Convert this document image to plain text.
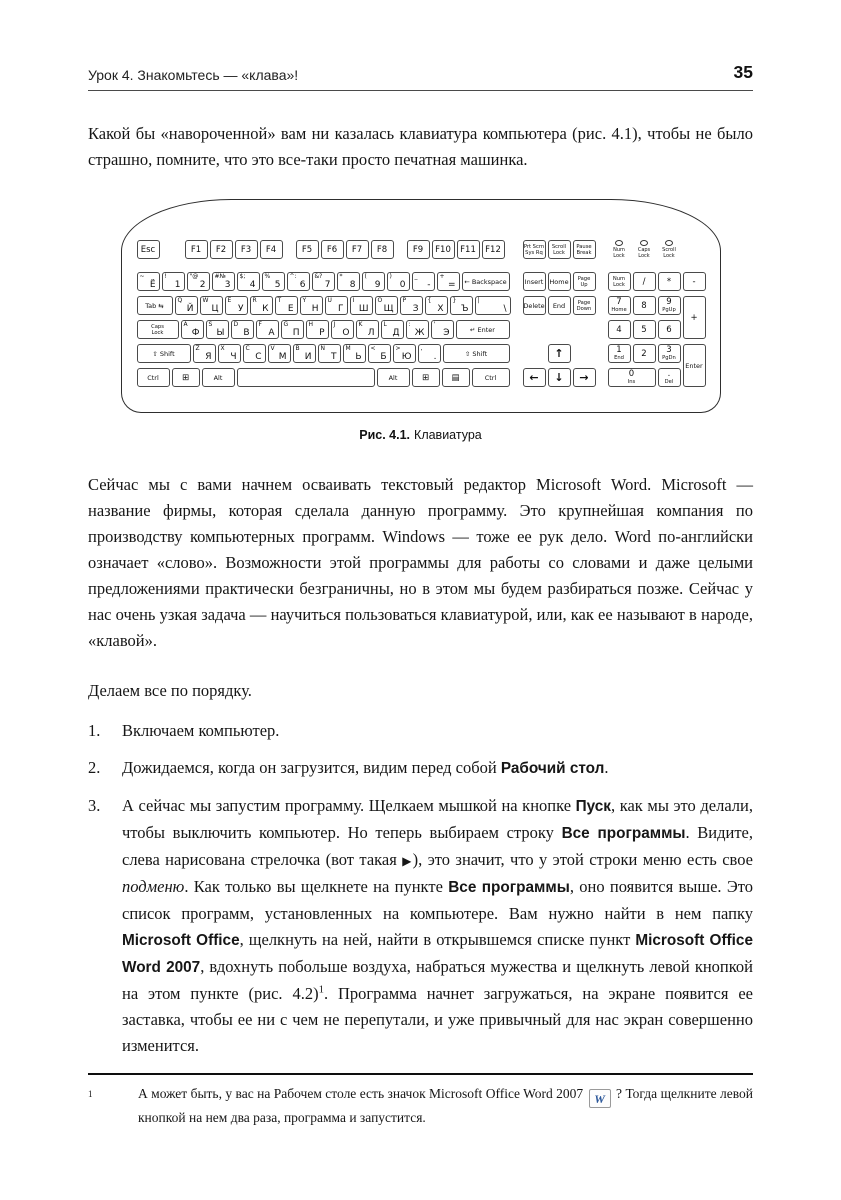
Урок 4. Знакомьтесь — «клава»!	35

Какой бы «навороченной» вам ни казалась клавиатура компьютера (рис. 4.1), чтобы не было страшно, помните, что это все-таки просто печатная машинка.

Esc	F1	F2	F3	F4	F5	F6	F7	F8	F9	F10	F11	F12
~
Ё
!
1
"@
2
#№
3
$;
4
%
5
^:
6
&?
7
*
8
(
9
)
0
_
-
+
=	← Backspace
Tab ⇆
Q
Й
W
Ц
E
У
R
К
T
Е
Y
Н
U
Г
I
Ш
O
Щ
P
З
{
Х
}
Ъ
|
\
Caps
Lock
A
Ф
S
Ы
D
В
F
А
G
П
H
Р
J
О
K
Л
L
Д
:
Ж
'
Э	↵ Enter
⇧ Shift
Z
Я
X
Ч
C
С
V
М
B
И
N
Т
M
Ь
<
Б
>
Ю
,
.	⇧ Shift
Ctrl	⊞	Alt	Alt	⊞	▤	Ctrl
Prt Scrn
Sys Rq
Scroll
Lock
Pause
Break
Insert Home	Page
Up
Delete	End	Page
Down
↑
←	↓	→
Num
Lock
Caps
Lock
Scroll
Lock
Num
Lock	/	*	-
7
Home	8	9
PgUp
+
4	5	6
1
End	2	3
PgDn
Enter
0
Ins
.
Del
Рис. 4.1. Клавиатура

Сейчас мы с вами начнем осваивать текстовый редактор Microsoft Word. Microsoft — название фирмы, которая сделала данную программу. Это крупнейшая компания по производству компьютерных программ. Windows — тоже ее рук дело. Word по-английски означает «слово». Возможности этой программы для работы со словами и даже целыми предложениями практически безграничны, но в этом мы будем разбираться позже. Сейчас у нас очень узкая задача — научиться пользоваться клавиатурой, или, как ее называют в народе, «клавой».

Делаем все по порядку.

1.	Включаем компьютер.
2.	Дожидаемся, когда он загрузится, видим перед собой Рабочий стол.
3.	А сейчас мы запустим программу. Щелкаем мышкой на кнопке Пуск, как мы это делали, чтобы выключить компьютер. Но теперь выбираем строку Все программы. Видите, слева нарисована стрелочка (вот такая ▶), это значит, что у этой строки меню есть свое подменю. Как только вы щелкнете на пункте Все программы, оно появится выше. Это список программ, установленных на компьютере. Вам нужно найти в нем папку Microsoft Office, щелкнуть на ней, найти в открывшемся списке пункт Microsoft Office Word 2007, вдохнуть побольше воздуха, набраться мужества и щелкнуть левой кнопкой на этом пункте (рис. 4.2)$^1$. Программа начнет загружаться, на экране появится ее заставка, чтобы ее ни с чем не перепутали, и уже привычный для нас экран совершенно изменится.
$^1$	А может быть, у вас на Рабочем столе есть значок Microsoft Office Word 2007 W ? Тогда щелкните левой кнопкой на нем два раза, программа и запустится.
